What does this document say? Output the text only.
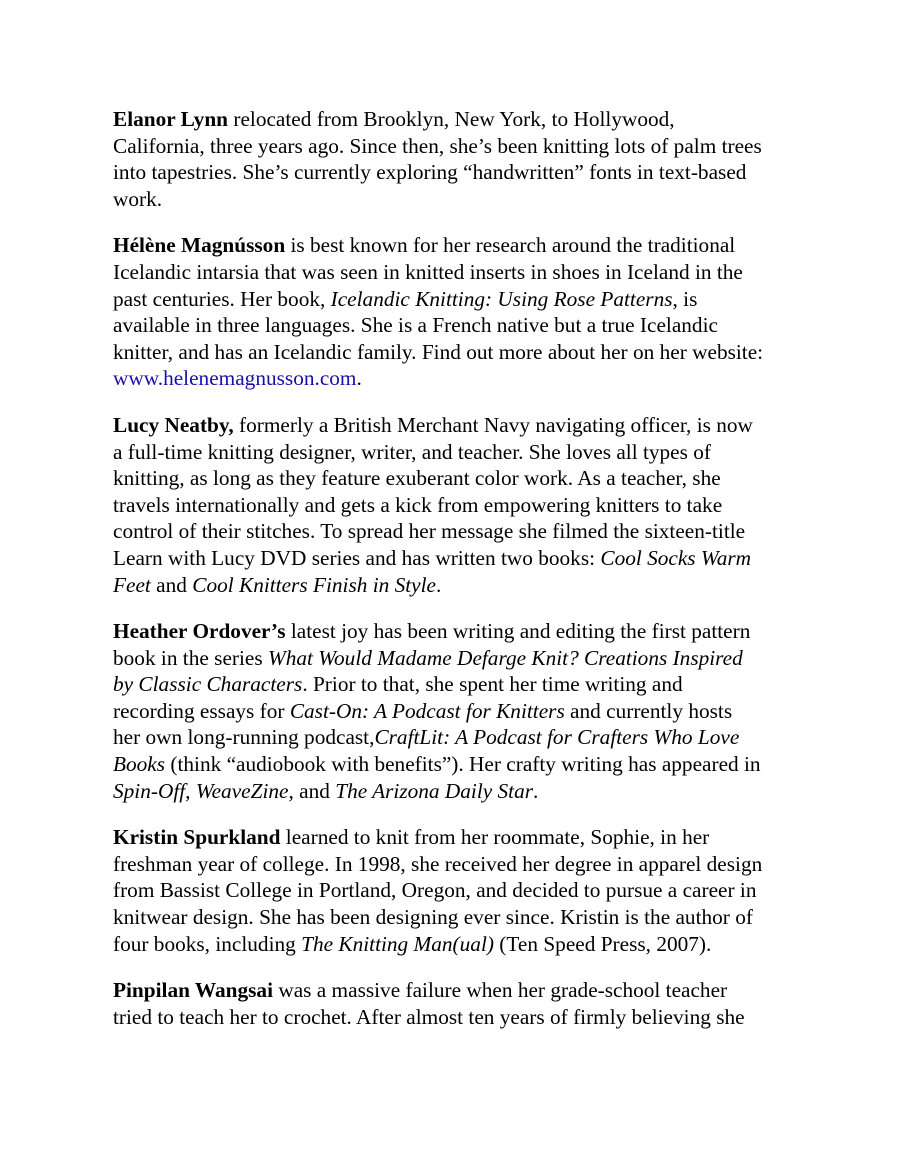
Elanor Lynn relocated from Brooklyn, New York, to Hollywood,
California, three years ago. Since then, she’s been knitting lots of palm trees
into tapestries. She’s currently exploring “handwritten” fonts in text-based
work.
Hélène Magnússon is best known for her research around the traditional
Icelandic intarsia that was seen in knitted inserts in shoes in Iceland in the
past centuries. Her book, Icelandic Knitting: Using Rose Patterns, is
available in three languages. She is a French native but a true Icelandic
knitter, and has an Icelandic family. Find out more about her on her website:
www.helenemagnusson.com.
Lucy Neatby, formerly a British Merchant Navy navigating officer, is now
a full-time knitting designer, writer, and teacher. She loves all types of
knitting, as long as they feature exuberant color work. As a teacher, she
travels internationally and gets a kick from empowering knitters to take
control of their stitches. To spread her message she filmed the sixteen-title
Learn with Lucy DVD series and has written two books: Cool Socks Warm
Feet and Cool Knitters Finish in Style.
Heather Ordover’s latest joy has been writing and editing the first pattern
book in the series What Would Madame Defarge Knit? Creations Inspired
by Classic Characters. Prior to that, she spent her time writing and
recording essays for Cast-On: A Podcast for Knitters and currently hosts
her own long-running podcast,CraftLit: A Podcast for Crafters Who Love
Books (think “audiobook with benefits”). Her crafty writing has appeared in
Spin-Off, WeaveZine, and The Arizona Daily Star.
Kristin Spurkland learned to knit from her roommate, Sophie, in her
freshman year of college. In 1998, she received her degree in apparel design
from Bassist College in Portland, Oregon, and decided to pursue a career in
knitwear design. She has been designing ever since. Kristin is the author of
four books, including The Knitting Man(ual) (Ten Speed Press, 2007).
Pinpilan Wangsai was a massive failure when her grade-school teacher
tried to teach her to crochet. After almost ten years of firmly believing she
